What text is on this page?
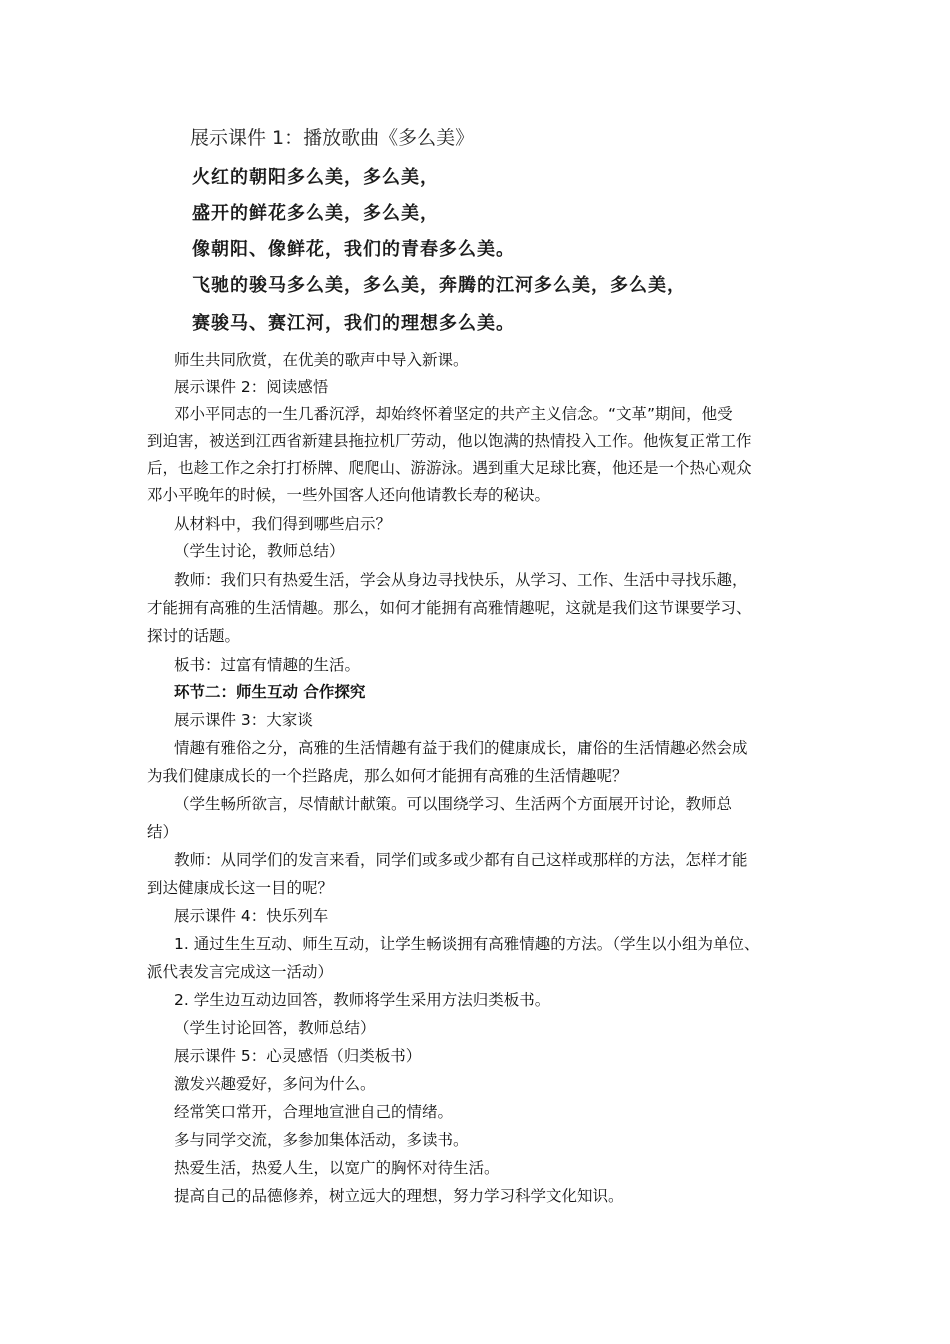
展示课件 1：播放歌曲《多么美》
火红的朝阳多么美，多么美，
盛开的鲜花多么美，多么美，
像朝阳、像鲜花，我们的青春多么美。
飞驰的骏马多么美，多么美，奔腾的江河多么美，多么美，
赛骏马、赛江河，我们的理想多么美。
师生共同欣赏，在优美的歌声中导入新课。
展示课件 2：阅读感悟
邓小平同志的一生几番沉浮，却始终怀着坚定的共产主义信念。“文革”期间，他受
到迫害，被送到江西省新建县拖拉机厂劳动，他以饱满的热情投入工作。他恢复正常工作
后，也趁工作之余打打桥牌、爬爬山、游游泳。遇到重大足球比赛，他还是一个热心观众
邓小平晚年的时候，一些外国客人还向他请教长寿的秘诀。
从材料中，我们得到哪些启示？
（学生讨论，教师总结）
教师：我们只有热爱生活，学会从身边寻找快乐，从学习、工作、生活中寻找乐趣，
才能拥有高雅的生活情趣。那么，如何才能拥有高雅情趣呢，这就是我们这节课要学习、
探讨的话题。
板书：过富有情趣的生活。
环节二：师生互动 合作探究
展示课件 3：大家谈
情趣有雅俗之分，高雅的生活情趣有益于我们的健康成长，庸俗的生活情趣必然会成
为我们健康成长的一个拦路虎，那么如何才能拥有高雅的生活情趣呢？
（学生畅所欲言，尽情献计献策。可以围绕学习、生活两个方面展开讨论，教师总
结）
教师：从同学们的发言来看，同学们或多或少都有自己这样或那样的方法，怎样才能
到达健康成长这一目的呢？
展示课件 4：快乐列车
1. 通过生生互动、师生互动，让学生畅谈拥有高雅情趣的方法。（学生以小组为单位、
派代表发言完成这一活动）
2. 学生边互动边回答，教师将学生采用方法归类板书。
（学生讨论回答，教师总结）
展示课件 5：心灵感悟（归类板书）
激发兴趣爱好，多问为什么。
经常笑口常开，合理地宣泄自己的情绪。
多与同学交流，多参加集体活动，多读书。
热爱生活，热爱人生，以宽广的胸怀对待生活。
提高自己的品德修养，树立远大的理想，努力学习科学文化知识。
